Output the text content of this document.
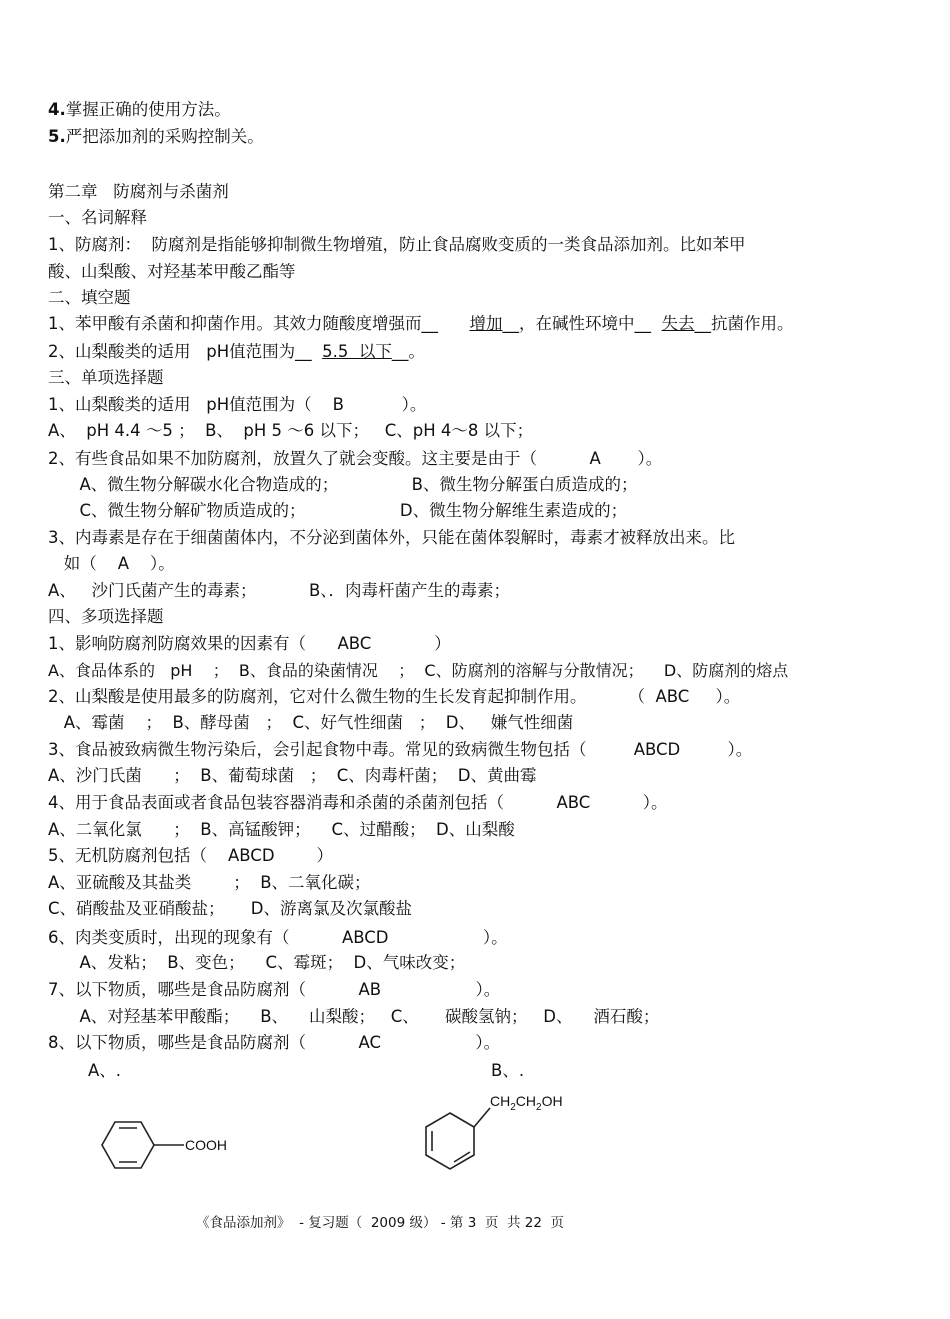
4.掌握正确的使用方法。
5.严把添加剂的采购控制关。
第二章   防腐剂与杀菌剂
一、名词解释
1、防腐剂：  防腐剂是指能够抑制微生物增殖，防止食品腐败变质的一类食品添加剂。比如苯甲
酸、山梨酸、对羟基苯甲酸乙酯等
二、填空题
1、苯甲酸有杀菌和抑菌作用。其效力随酸度增强而__      增加__，在碱性环境中__  失去__抗菌作用。
2、山梨酸类的适用   pH值范围为__  5.5  以下__。
三、单项选择题
1、山梨酸类的适用   pH值范围为（    B           ）。
A、  pH 4.4 ～5 ；  B、  pH 5 ～6 以下；   C、pH 4～8 以下；
2、有些食品如果不加防腐剂，放置久了就会变酸。这主要是由于（          A       ）。
A、微生物分解碳水化合物造成的；              B、微生物分解蛋白质造成的；
C、微生物分解矿物质造成的；                  D、微生物分解维生素造成的；
3、内毒素是存在于细菌菌体内，不分泌到菌体外，只能在菌体裂解时，毒素才被释放出来。比
如（    A    ）。
A、   沙门氏菌产生的毒素；          B、．肉毒杆菌产生的毒素；
四、多项选择题
1、影响防腐剂防腐效果的因素有（      ABC            ）
A、食品体系的   pH    ；  B、食品的染菌情况    ；  C、防腐剂的溶解与分散情况；    D、防腐剂的熔点
2、山梨酸是使用最多的防腐剂，它对什么微生物的生长发育起抑制作用。        （  ABC     ）。
A、霉菌    ；  B、酵母菌   ；  C、好气性细菌   ；  D、   嫌气性细菌
3、食品被致病微生物污染后，会引起食物中毒。常见的致病微生物包括（         ABCD         ）。
A、沙门氏菌      ；  B、葡萄球菌   ；  C、肉毒杆菌；  D、黄曲霉
4、用于食品表面或者食品包装容器消毒和杀菌的杀菌剂包括（          ABC          ）。
A、二氧化氯      ；  B、高锰酸钾；    C、过醋酸；  D、山梨酸
5、无机防腐剂包括（    ABCD        ）
A、亚硫酸及其盐类        ；  B、二氧化碳；
C、硝酸盐及亚硝酸盐；     D、游离氯及次氯酸盐
6、肉类变质时，出现的现象有（          ABCD                  ）。
A、发粘；  B、变色；    C、霉斑；  D、气味改变；
7、以下物质，哪些是食品防腐剂（          AB                  ）。
A、对羟基苯甲酸酯；    B、    山梨酸；   C、     碳酸氢钠；   D、    酒石酸；
8、以下物质，哪些是食品防腐剂（          AC                  ）。
A、.	B、.
COOH
$CH_2CH_2OH$
《食品添加剂》  - 复习题（  2009 级） - 第 3  页  共 22  页
